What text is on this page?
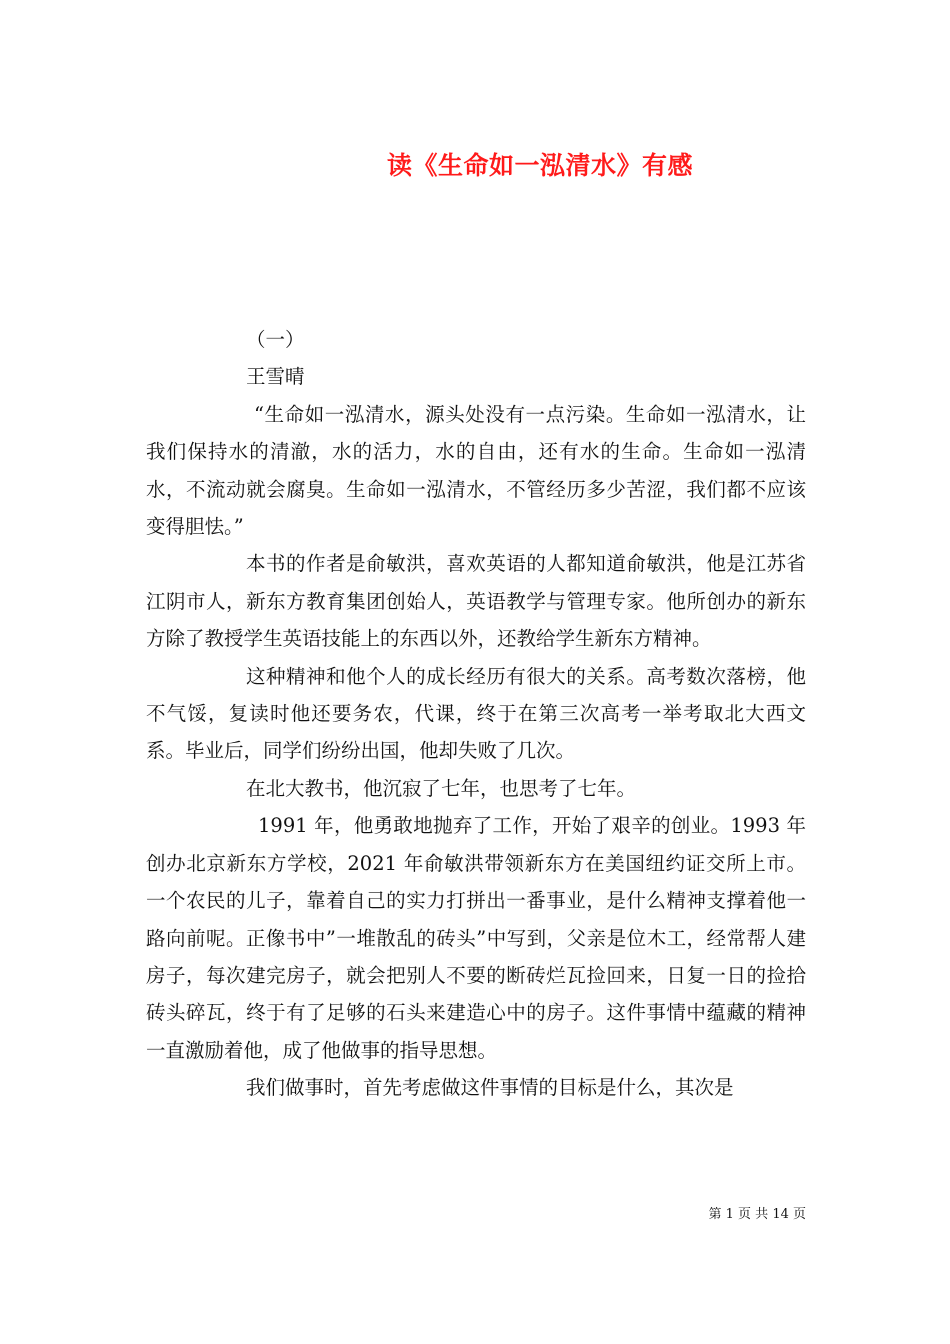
读《生命如一泓清水》有感

（一）

王雪晴

“生命如一泓清水，源头处没有一点污染。生命如一泓清水，让我们保持水的清澈，水的活力，水的自由，还有水的生命。生命如一泓清水，不流动就会腐臭。生命如一泓清水，不管经历多少苦涩，我们都不应该变得胆怯。”

本书的作者是俞敏洪，喜欢英语的人都知道俞敏洪，他是江苏省江阴市人，新东方教育集团创始人，英语教学与管理专家。他所创办的新东方除了教授学生英语技能上的东西以外，还教给学生新东方精神。

这种精神和他个人的成长经历有很大的关系。高考数次落榜，他不气馁，复读时他还要务农，代课，终于在第三次高考一举考取北大西文系。毕业后，同学们纷纷出国，他却失败了几次。

在北大教书，他沉寂了七年，也思考了七年。

1991 年，他勇敢地抛弃了工作，开始了艰辛的创业。1993 年创办北京新东方学校，2021 年俞敏洪带领新东方在美国纽约证交所上市。一个农民的儿子，靠着自己的实力打拼出一番事业，是什么精神支撑着他一路向前呢。正像书中”一堆散乱的砖头”中写到，父亲是位木工，经常帮人建房子，每次建完房子，就会把别人不要的断砖烂瓦捡回来，日复一日的捡拾砖头碎瓦，终于有了足够的石头来建造心中的房子。这件事情中蕴藏的精神一直激励着他，成了他做事的指导思想。

我们做事时，首先考虑做这件事情的目标是什么，其次是

第 1 页 共 14 页
